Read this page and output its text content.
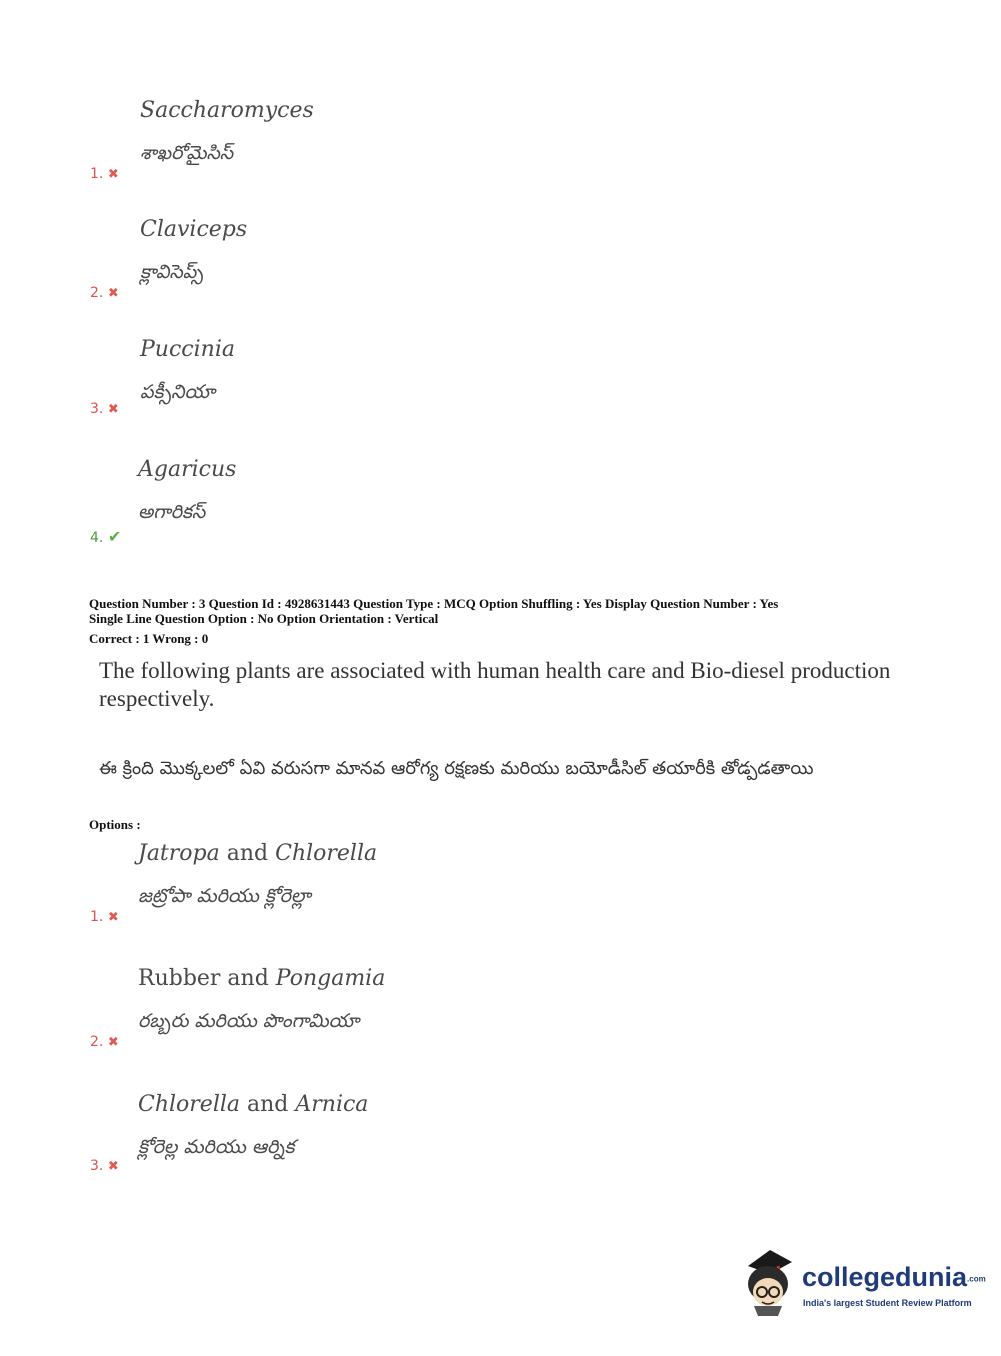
Saccharomyces
శాఖరోమైసిస్
1. ✖
Claviceps
క్లావిసెప్స్
2. ✖
Puccinia
పక్సీనియా
3. ✖
Agaricus
అగారికస్
4. ✔
Question Number : 3 Question Id : 4928631443 Question Type : MCQ Option Shuffling : Yes Display Question Number : Yes
Single Line Question Option : No Option Orientation : Vertical
Correct : 1 Wrong : 0
The following plants are associated with human health care and Bio-diesel production respectively.
ఈ క్రింది మొక్కలలో ఏవి వరుసగా మానవ ఆరోగ్య రక్షణకు మరియు బయోడీసిల్ తయారీకి తోడ్పడతాయి
Options :
Jatropa and Chlorella
జట్రోపా మరియు క్లోరెల్లా
1. ✖
Rubber and Pongamia
రబ్బరు మరియు పొంగామియా
2. ✖
Chlorella and Arnica
క్లోరెల్ల మరియు ఆర్నిక
3. ✖
collegedunia.com
India's largest Student Review Platform
